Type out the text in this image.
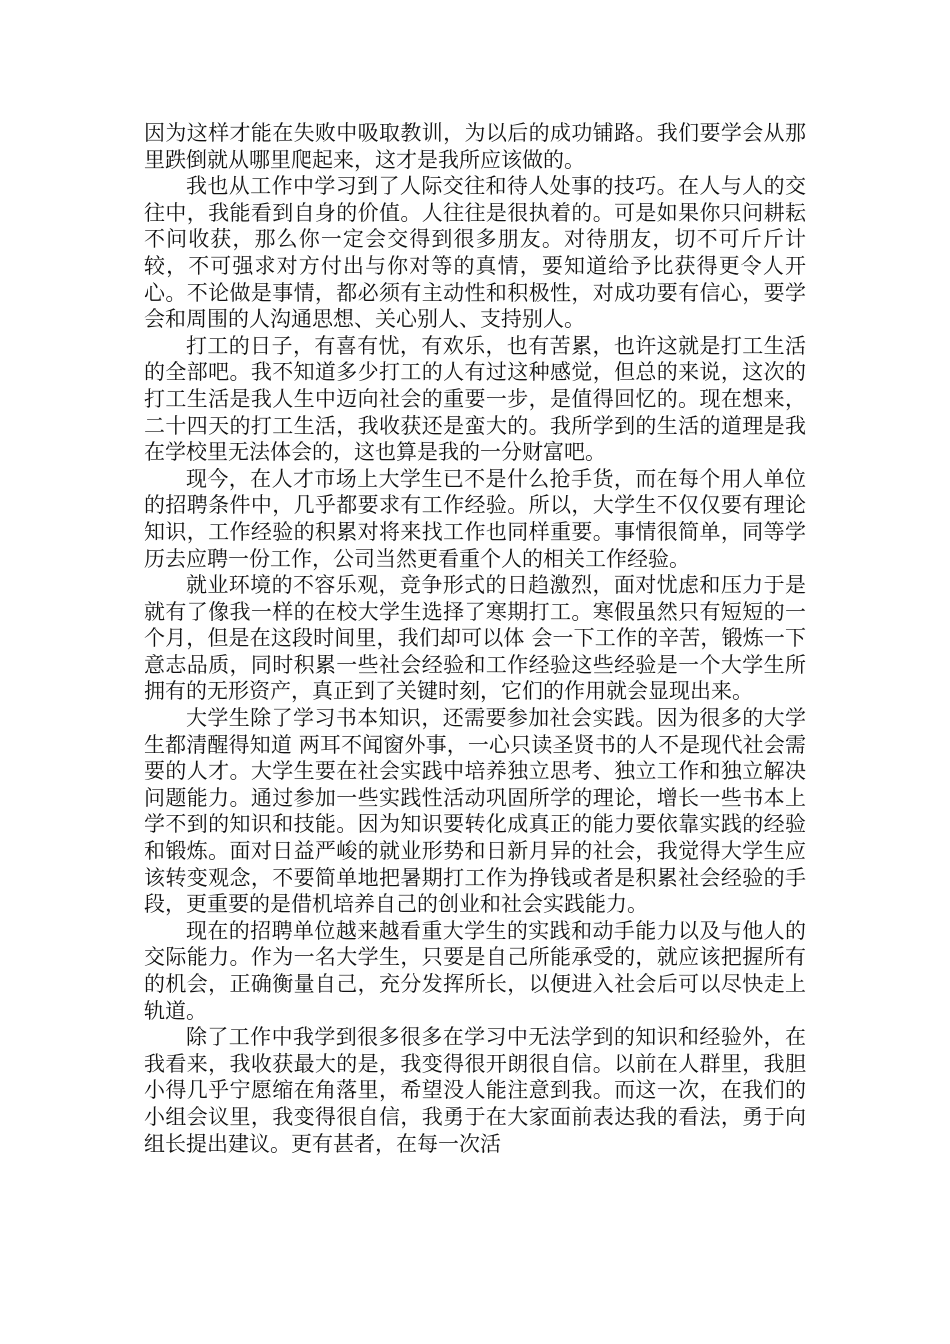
因为这样才能在失败中吸取教训，为以后的成功铺路。我们要学会从那里跌倒就从哪里爬起来，这才是我所应该做的。

我也从工作中学习到了人际交往和待人处事的技巧。在人与人的交往中，我能看到自身的价值。人往往是很执着的。可是如果你只问耕耘不问收获，那么你一定会交得到很多朋友。对待朋友，切不可斤斤计较，不可强求对方付出与你对等的真情，要知道给予比获得更令人开心。不论做是事情，都必须有主动性和积极性，对成功要有信心，要学会和周围的人沟通思想、关心别人、支持别人。

打工的日子，有喜有忧，有欢乐，也有苦累，也许这就是打工生活的全部吧。我不知道多少打工的人有过这种感觉，但总的来说，这次的打工生活是我人生中迈向社会的重要一步，是值得回忆的。现在想来，二十四天的打工生活，我收获还是蛮大的。我所学到的生活的道理是我在学校里无法体会的，这也算是我的一分财富吧。

现今，在人才市场上大学生已不是什么抢手货，而在每个用人单位的招聘条件中，几乎都要求有工作经验。所以，大学生不仅仅要有理论知识，工作经验的积累对将来找工作也同样重要。事情很简单，同等学历去应聘一份工作，公司当然更看重个人的相关工作经验。

就业环境的不容乐观，竞争形式的日趋激烈，面对忧虑和压力于是就有了像我一样的在校大学生选择了寒期打工。寒假虽然只有短短的一个月，但是在这段时间里，我们却可以体 会一下工作的辛苦，锻炼一下意志品质，同时积累一些社会经验和工作经验这些经验是一个大学生所拥有的无形资产，真正到了关键时刻，它们的作用就会显现出来。

大学生除了学习书本知识，还需要参加社会实践。因为很多的大学生都清醒得知道 两耳不闻窗外事，一心只读圣贤书的人不是现代社会需要的人才。大学生要在社会实践中培养独立思考、独立工作和独立解决问题能力。通过参加一些实践性活动巩固所学的理论，增长一些书本上学不到的知识和技能。因为知识要转化成真正的能力要依靠实践的经验和锻炼。面对日益严峻的就业形势和日新月异的社会，我觉得大学生应该转变观念，不要简单地把暑期打工作为挣钱或者是积累社会经验的手段，更重要的是借机培养自己的创业和社会实践能力。

现在的招聘单位越来越看重大学生的实践和动手能力以及与他人的交际能力。作为一名大学生，只要是自己所能承受的，就应该把握所有的机会，正确衡量自己，充分发挥所长，以便进入社会后可以尽快走上轨道。

除了工作中我学到很多很多在学习中无法学到的知识和经验外，在我看来，我收获最大的是，我变得很开朗很自信。以前在人群里，我胆小得几乎宁愿缩在角落里，希望没人能注意到我。而这一次，在我们的小组会议里，我变得很自信，我勇于在大家面前表达我的看法，勇于向组长提出建议。更有甚者，在每一次活
